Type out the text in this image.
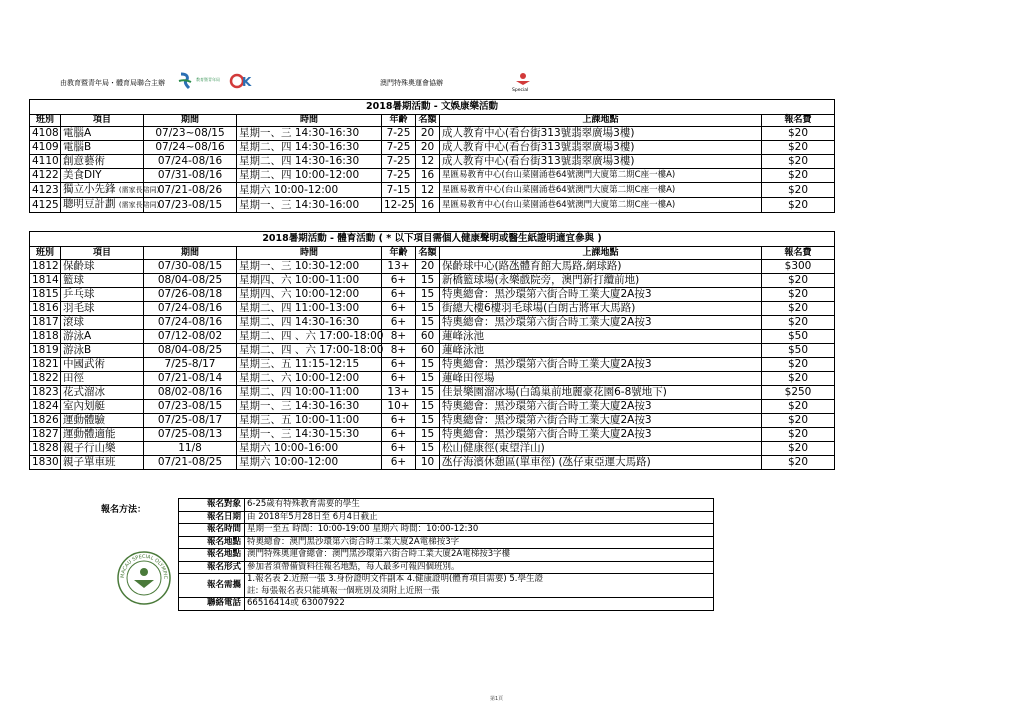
由教育暨青年局・體育局聯合主辦	教育暨青年局 K	澳門特殊奧運會協辦
Special
2018暑期活動 - 文娛康樂活動							
班別	項目	期間	時間	年齡	名額	上課地點	報名費
4108	電腦A	07/23~08/15	星期一、三 14:30-16:30	7-25	20	成人教育中心(看台街313號翡翠廣場3樓)	$20
4109	電腦B	07/24~08/16	星期二、四 14:30-16:30	7-25	20	成人教育中心(看台街313號翡翠廣場3樓)	$20
4110	創意藝術	07/24-08/16	星期二、四 14:30-16:30	7-25	12	成人教育中心(看台街313號翡翠廣場3樓)	$20
4122	美食DIY	07/31-08/16	星期二、四 10:00-12:00	7-25	16	星匯易教育中心(台山菜園涌巷64號澳門大廈第二期C座一樓A)	$20
4123	獨立小先鋒 (需家長陪同)	07/21-08/26	星期六 10:00-12:00	7-15	12	星匯易教育中心(台山菜園涌巷64號澳門大廈第二期C座一樓A)	$20
4125	聰明豆計劃 (需家長陪同)	07/23-08/15	星期一、三 14:30-16:00	12-25	16	星匯易教育中心(台山菜園涌巷64號澳門大廈第二期C座一樓A)	$20
2018暑期活動 - 體育活動 ( * 以下項目需個人健康聲明或醫生紙證明適宜參與 )							
班別	項目	期間	時間	年齡	名額	上課地點	報名費
1812	保齡球	07/30-08/15	星期一、三 10:30-12:00	13+	20	保齡球中心(路氹體育館大馬路,網球路)	$300
1814	籃球	08/04-08/25	星期四、六 10:00-11:00	6+	15	新橋籃球場(永樂戲院旁，澳門新打纜前地)	$20
1815	乒乓球	07/26-08/18	星期四、六 10:00-12:00	6+	15	特奧總會：黑沙環第六街合時工業大廈2A按3	$20
1816	羽毛球	07/24-08/16	星期二、四 11:00-13:00	6+	15	街總大樓6樓羽毛球場(白朗古將軍大馬路)	$20
1817	滾球	07/24-08/16	星期二、四 14:30-16:30	6+	15	特奧總會：黑沙環第六街合時工業大廈2A按3	$20
1818	游泳A	07/12-08/02	星期二、四 、六 17:00-18:00	8+	60	蓮峰泳池	$50
1819	游泳B	08/04-08/25	星期二、四 、六 17:00-18:00	8+	60	蓮峰泳池	$50
1821	中國武術	7/25-8/17	星期三、五 11:15-12:15	6+	15	特奧總會：黑沙環第六街合時工業大廈2A按3	$20
1822	田徑	07/21-08/14	星期二、六 10:00-12:00	6+	15	蓮峰田徑場	$20
1823	花式溜冰	08/02-08/16	星期二、四 10:00-11:00	13+	15	佳景樂園溜冰場(白鴿巢前地麗豪花園6-8號地下)	$250
1824	室內划艇	07/23-08/15	星期一、三 14:30-16:30	10+	15	特奧總會：黑沙環第六街合時工業大廈2A按3	$20
1826	運動體驗	07/25-08/17	星期三、五 10:00-11:00	6+	15	特奧總會：黑沙環第六街合時工業大廈2A按3	$20
1827	運動體適能	07/25-08/13	星期一、三 14:30-15:30	6+	15	特奧總會：黑沙環第六街合時工業大廈2A按3	$20
1828	親子行山樂	11/8	星期六 10:00-16:00	6+	15	松山健康徑(東望洋山)	$20
1830	親子單車班	07/21-08/25	星期六 10:00-12:00	6+	10	氹仔海濱休憩區(單車徑) (氹仔東亞運大馬路)	$20
報名方法：
報名對象	6-25歲有特殊教育需要的學生

報名日期	由 2018年5月28日至 6月4日截止

報名時間	星期一至五 時間：10:00-19:00 星期六 時間：10:00-12:30

報名地點	特奧總會：澳門黑沙環第六街合時工業大廈2A電梯按3字

報名地點	澳門特殊奧運會總會：澳門黑沙環第六街合時工業大廈2A電梯按3字樓

報名形式	參加者須帶備資料往報名地點，每人最多可報四個班別。

報名需攜	1.報名表 2.近照一張 3.身份證明文件副本 4.健康證明(體育項目需要) 5.學生證
註: 每張報名表只能填報一個班別及須附上近照一張

聯絡電話	66516414或 63007922
MACAU SPECIAL OLYMPIC
第1頁
